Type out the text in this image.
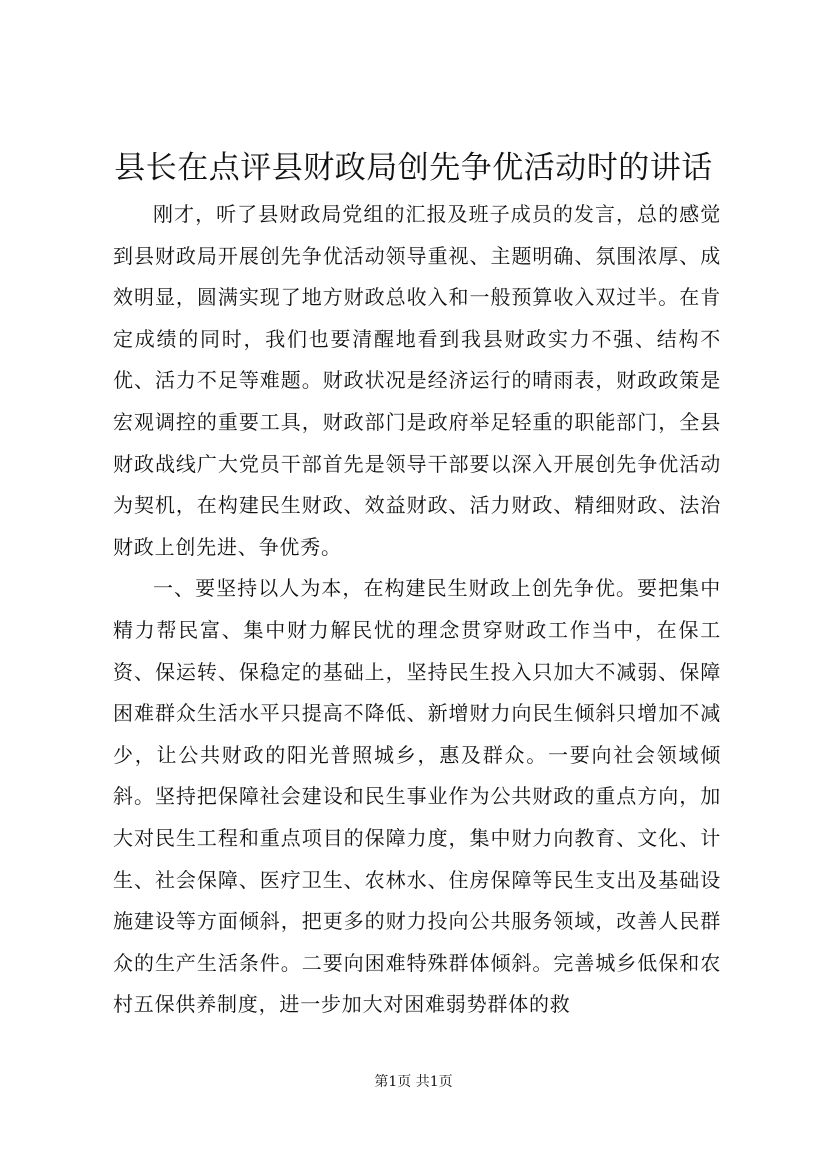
县长在点评县财政局创先争优活动时的讲话

刚才，听了县财政局党组的汇报及班子成员的发言，总的感觉到县财政局开展创先争优活动领导重视、主题明确、氛围浓厚、成效明显，圆满实现了地方财政总收入和一般预算收入双过半。在肯定成绩的同时，我们也要清醒地看到我县财政实力不强、结构不优、活力不足等难题。财政状况是经济运行的晴雨表，财政政策是宏观调控的重要工具，财政部门是政府举足轻重的职能部门，全县财政战线广大党员干部首先是领导干部要以深入开展创先争优活动为契机，在构建民生财政、效益财政、活力财政、精细财政、法治财政上创先进、争优秀。

一、要坚持以人为本，在构建民生财政上创先争优。要把集中精力帮民富、集中财力解民忧的理念贯穿财政工作当中，在保工资、保运转、保稳定的基础上，坚持民生投入只加大不减弱、保障困难群众生活水平只提高不降低、新增财力向民生倾斜只增加不减少，让公共财政的阳光普照城乡，惠及群众。一要向社会领域倾斜。坚持把保障社会建设和民生事业作为公共财政的重点方向，加大对民生工程和重点项目的保障力度，集中财力向教育、文化、计生、社会保障、医疗卫生、农林水、住房保障等民生支出及基础设施建设等方面倾斜，把更多的财力投向公共服务领域，改善人民群众的生产生活条件。二要向困难特殊群体倾斜。完善城乡低保和农村五保供养制度，进一步加大对困难弱势群体的救

第1页 共1页
